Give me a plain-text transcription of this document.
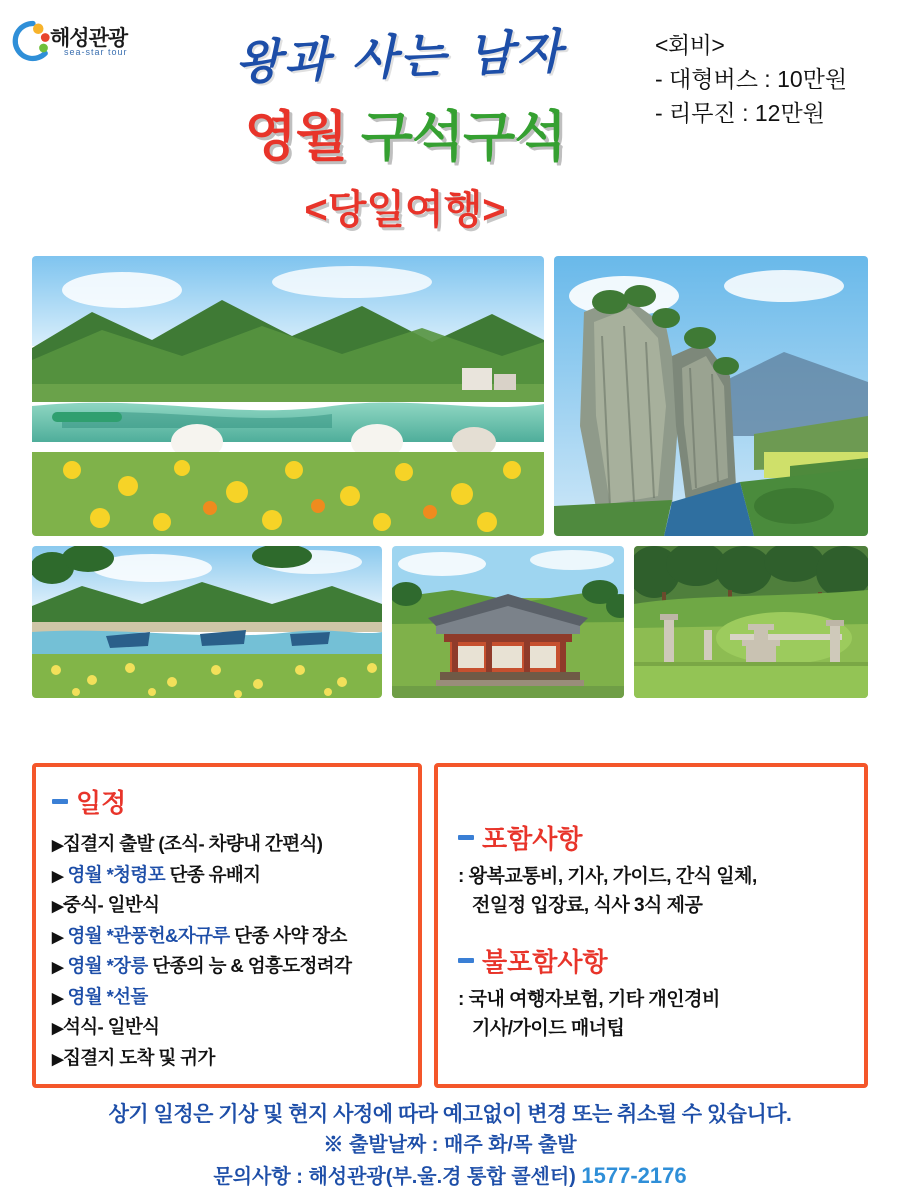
해성관광
sea-star tour	왕과 사는 남자
영월 구석구석
<당일여행>
<회비>
- 대형버스 : 10만원
- 리무진 : 12만원
일정
▶집결지 출발 (조식- 차량내 간편식)
▶ 영월 *청령포 단종 유배지
▶중식- 일반식
▶ 영월 *관풍헌&자규루 단종 사약 장소
▶ 영월 *장릉 단종의 능 & 엄흥도정려각
▶ 영월 *선돌
▶석식- 일반식
▶집결지 도착 및 귀가
포함사항
: 왕복교통비, 기사, 가이드, 간식 일체,
전일정 입장료, 식사 3식 제공
불포함사항
: 국내 여행자보험, 기타 개인경비
기사/가이드 매너팁
상기 일정은 기상 및 현지 사정에 따라 예고없이 변경 또는 취소될 수 있습니다.
※ 출발날짜 : 매주 화/목 출발
문의사항 : 해성관광(부.울.경 통합 콜센터) 1577-2176
